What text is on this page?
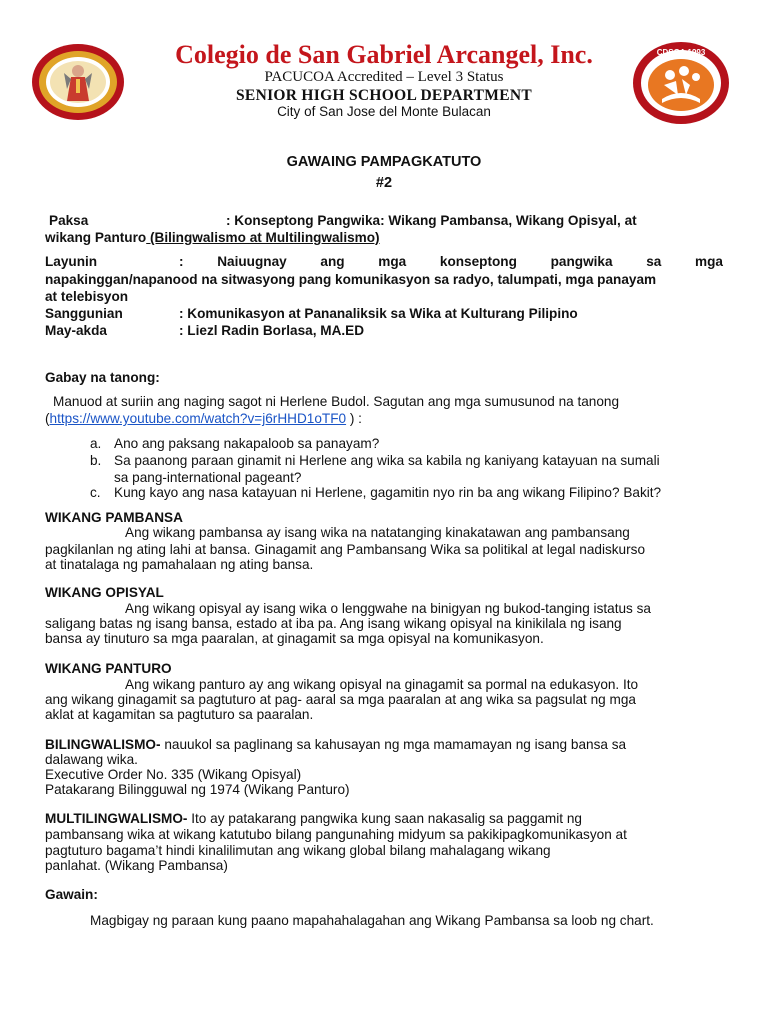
CDSGA 1993
Colegio de San Gabriel Arcangel, Inc.
PACUCOA Accredited – Level 3 Status
SENIOR HIGH SCHOOL DEPARTMENT
City of San Jose del Monte Bulacan
GAWAING PAMPAGKATUTO
#2
Paksa	: Konseptong Pangwika: Wikang Pambansa, Wikang Opisyal, at
wikang Panturo (Bilingwalismo at Multilingwalismo)
Layunin	: Naiuugnay ang mga konseptong pangwika sa mga
napakinggan/napanood na sitwasyong pang komunikasyon sa radyo, talumpati, mga panayam
at telebisyon
Sanggunian	: Komunikasyon at Pananaliksik sa Wika at Kulturang Pilipino
May-akda	: Liezl Radin Borlasa, MA.ED
Gabay na tanong:
Manuod at suriin ang naging sagot ni Herlene Budol. Sagutan ang mga sumusunod na tanong
(https://www.youtube.com/watch?v=j6rHHD1oTF0 ) :
a. Ano ang paksang nakapaloob sa panayam?
b. Sa paanong paraan ginamit ni Herlene ang wika sa kabila ng kaniyang katayuan na sumali
sa pang-international pageant?
c. Kung kayo ang nasa katayuan ni Herlene, gagamitin nyo rin ba ang wikang Filipino? Bakit?
WIKANG PAMBANSA
Ang wikang pambansa ay isang wika na natatanging kinakatawan ang pambansang
pagkilanlan ng ating lahi at bansa. Ginagamit ang Pambansang Wika sa politikal at legal nadiskurso
at tinatalaga ng pamahalaan ng ating bansa.
WIKANG OPISYAL
Ang wikang opisyal ay isang wika o lenggwahe na binigyan ng bukod-tanging istatus sa
saligang batas ng isang bansa, estado at iba pa. Ang isang wikang opisyal na kinikilala ng isang
bansa ay tinuturo sa mga paaralan, at ginagamit sa mga opisyal na komunikasyon.
WIKANG PANTURO
Ang wikang panturo ay ang wikang opisyal na ginagamit sa pormal na edukasyon. Ito
ang wikang ginagamit sa pagtuturo at pag- aaral sa mga paaralan at ang wika sa pagsulat ng mga
aklat at kagamitan sa pagtuturo sa paaralan.
BILINGWALISMO- nauukol sa paglinang sa kahusayan ng mga mamamayan ng isang bansa sa
dalawang wika.
Executive Order No. 335 (Wikang Opisyal)
Patakarang Bilingguwal ng 1974 (Wikang Panturo)
MULTILINGWALISMO- Ito ay patakarang pangwika kung saan nakasalig sa paggamit ng
pambansang wika at wikang katutubo bilang pangunahing midyum sa pakikipagkomunikasyon at
pagtuturo bagama’t hindi kinalilimutan ang wikang global bilang mahalagang wikang
panlahat. (Wikang Pambansa)
Gawain:
Magbigay ng paraan kung paano mapahahalagahan ang Wikang Pambansa sa loob ng chart.
